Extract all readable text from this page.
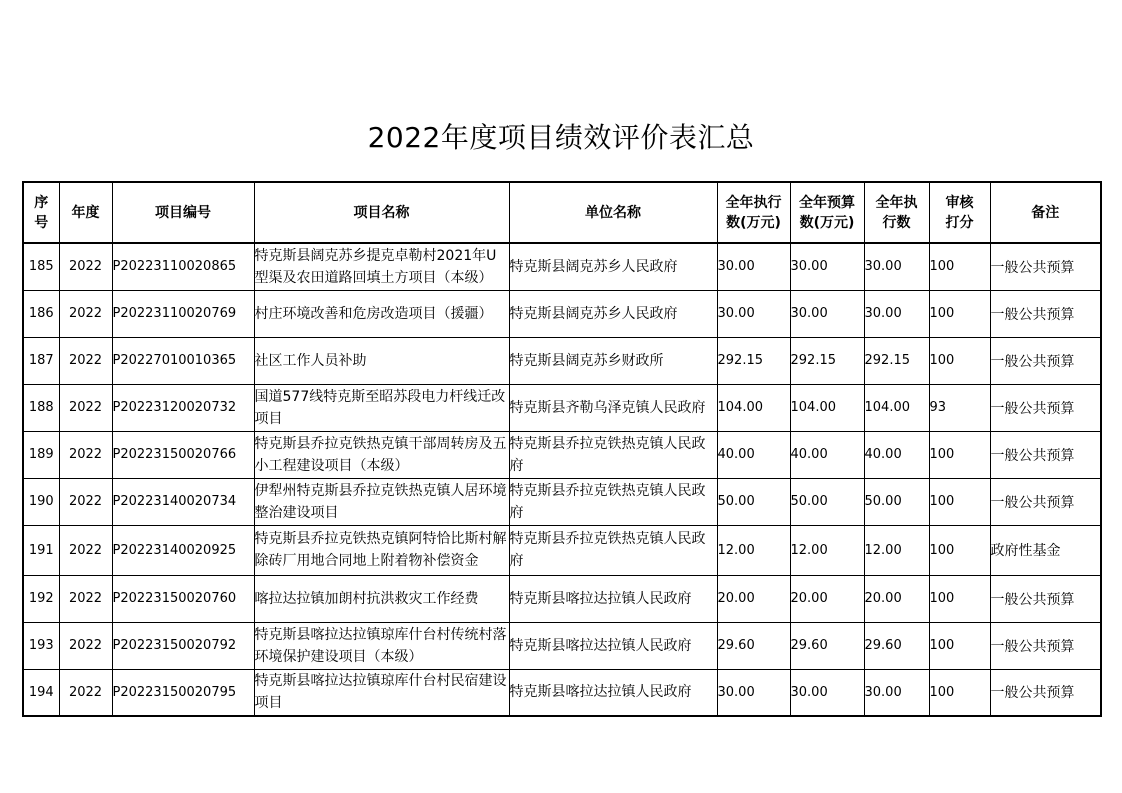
2022年度项目绩效评价表汇总
序号	年度	项目编号	项目名称	单位名称	全年执行数(万元)	全年预算数(万元)	全年执行数	审核打分	备注
185	2022	P20223110020865	特克斯县阔克苏乡提克卓勒村2021年U型渠及农田道路回填土方项目（本级）	特克斯县阔克苏乡人民政府	30.00	30.00	30.00	100	一般公共预算
186	2022	P20223110020769	村庄环境改善和危房改造项目（援疆）	特克斯县阔克苏乡人民政府	30.00	30.00	30.00	100	一般公共预算
187	2022	P20227010010365	社区工作人员补助	特克斯县阔克苏乡财政所	292.15	292.15	292.15	100	一般公共预算
188	2022	P20223120020732	国道577线特克斯至昭苏段电力杆线迁改项目	特克斯县齐勒乌泽克镇人民政府	104.00	104.00	104.00	93	一般公共预算
189	2022	P20223150020766	特克斯县乔拉克铁热克镇干部周转房及五小工程建设项目（本级）	特克斯县乔拉克铁热克镇人民政府	40.00	40.00	40.00	100	一般公共预算
190	2022	P20223140020734	伊犁州特克斯县乔拉克铁热克镇人居环境整治建设项目	特克斯县乔拉克铁热克镇人民政府	50.00	50.00	50.00	100	一般公共预算
191	2022	P20223140020925	特克斯县乔拉克铁热克镇阿特恰比斯村解除砖厂用地合同地上附着物补偿资金	特克斯县乔拉克铁热克镇人民政府	12.00	12.00	12.00	100	政府性基金
192	2022	P20223150020760	喀拉达拉镇加朗村抗洪救灾工作经费	特克斯县喀拉达拉镇人民政府	20.00	20.00	20.00	100	一般公共预算
193	2022	P20223150020792	特克斯县喀拉达拉镇琼库什台村传统村落环境保护建设项目（本级）	特克斯县喀拉达拉镇人民政府	29.60	29.60	29.60	100	一般公共预算
194	2022	P20223150020795	特克斯县喀拉达拉镇琼库什台村民宿建设项目	特克斯县喀拉达拉镇人民政府	30.00	30.00	30.00	100	一般公共预算
